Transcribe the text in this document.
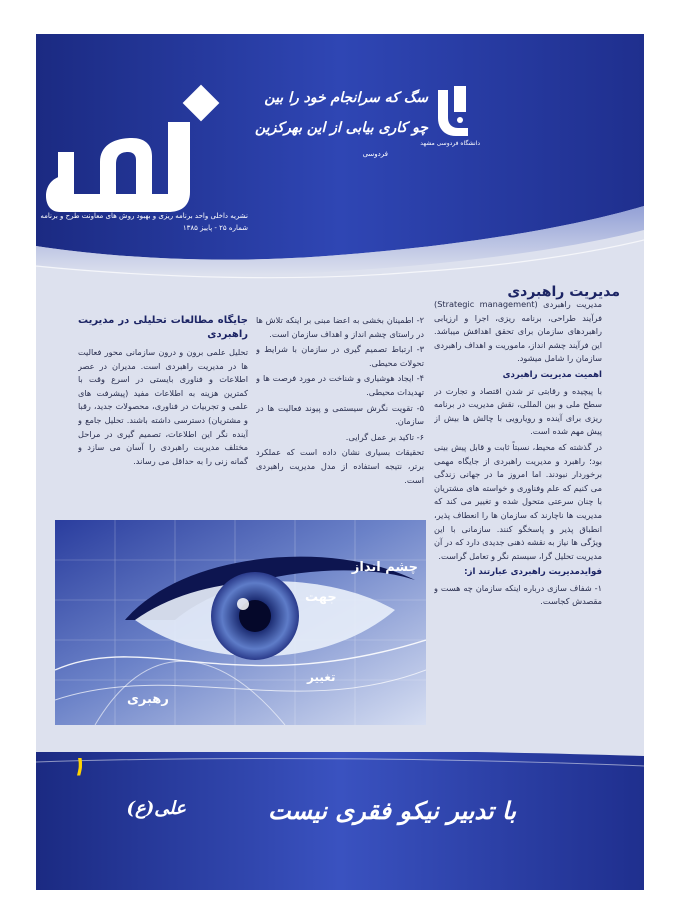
نشریه داخلی واحد برنامه ریزی و بهبود روش های معاونت طرح و برنامه
شماره ۲۵ - پاییز ۱۳۸۵
سگ که سرانجام خود را بین
چو کاری بیابی از این بهرکزین
فردوسی
دانشگاه فردوسی مشهد
مدیریت راهبردی

مدیریت راهبردی (Strategic management) فرآیند طراحی، برنامه ریزی، اجرا و ارزیابی راهبردهای سازمان برای تحقق اهدافش میباشد. این فرآیند چشم انداز، ماموریت و اهداف راهبردی سازمان را شامل میشود.

اهمیت مدیریت راهبردی

با پیچیده و رقابتی تر شدن اقتصاد و تجارت در سطح ملی و بین المللی، نقش مدیریت در برنامه ریزی برای آینده و رویارویی با چالش ها بیش از پیش مهم شده است.

در گذشته که محیط، نسبتاً ثابت و قابل پیش بینی بود؛ راهبرد و مدیریت راهبردی از جایگاه مهمی برخوردار نبودند. اما امروز ما در جهانی زندگی می کنیم که علم وفناوری و خواسته های مشتریان با چنان سرعتی متحول شده و تغییر می کند که مدیریت ها ناچارند که سازمان ها را انعطاف پذیر، انطباق پذیر و پاسخگو کنند. سازمانی با این ویژگی ها نیاز به نقشه ذهنی جدیدی دارد که در آن مدیریت تحلیل گرا، سیستم نگر و تعامل گراست.

فوایدمدیریت راهبردی عبارتند از:

۱- شفاف سازی درباره اینکه سازمان چه هست و مقصدش کجاست.

۲- اطمینان بخشی به اعضا مبنی بر اینکه تلاش ها در راستای چشم انداز و اهداف سازمان است.

۳- ارتباط تصمیم گیری در سازمان با شرایط و تحولات محیطی.

۴- ایجاد هوشیاری و شناخت در مورد فرصت ها و تهدیدات محیطی.

۵- تقویت نگرش سیستمی و پیوند فعالیت ها در سازمان.

۶- تاکید بر عمل گرایی.

تحقیقات بسیاری نشان داده است که عملکرد برتر، نتیجه استفاده از مدل مدیریت راهبردی است.

جایگاه مطالعات تحلیلی در مدیریت راهبردی

تحلیل علمی برون و درون سازمانی محور فعالیت ها در مدیریت راهبردی است. مدیران در عصر اطلاعات و فناوری بایستی در اسرع وقت با کمترین هزینه به اطلاعات مفید (پیشرفت های علمی و تجربیات در فناوری، محصولات جدید، رقبا و مشتریان) دسترسی داشته باشند. تحلیل جامع و آینده نگر این اطلاعات، تصمیم گیری در مراحل مختلف مدیریت راهبردی را آسان می سازد و گمانه زنی را به حداقل می رساند.

چشم انداز
جهت
تغییر
رهبری
۱
با تدبیر نیکو فقری نیست
علی(ع)
